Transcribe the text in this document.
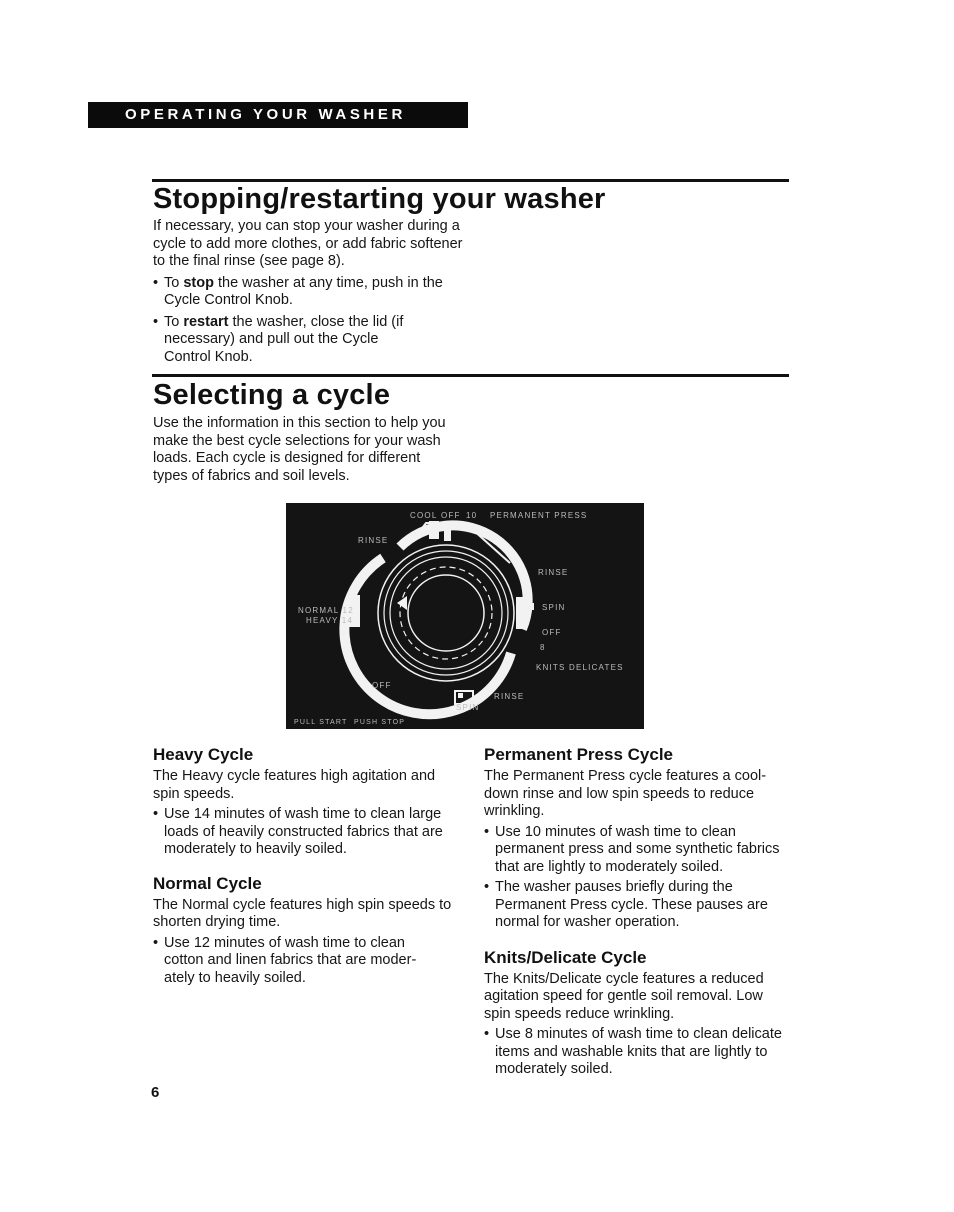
OPERATING YOUR WASHER
Stopping/restarting your washer

If necessary, you can stop your washer during a cycle to add more clothes, or add fabric softener to the final rinse (see page 8).

• To stop the washer at any time, push in the Cycle Control Knob.
• To restart the washer, close the lid (if necessary) and pull out the Cycle Control Knob.
Selecting a cycle
Use the information in this section to help you make the best cycle selections for your wash loads. Each cycle is designed for different types of fabrics and soil levels.
COOL OFF 10 PERMANENT PRESS
RINSE
RINSE
NORMAL 12
HEAVY 14
SPIN
OFF
8
KNITS DELICATES
OFF
RINSE
SPIN
PULL START PUSH STOP
Heavy Cycle
The Heavy cycle features high agitation and spin speeds.
• Use 14 minutes of wash time to clean large loads of heavily constructed fabrics that are moderately to heavily soiled.
Normal Cycle
The Normal cycle features high spin speeds to shorten drying time.
• Use 12 minutes of wash time to clean cotton and linen fabrics that are moder- ately to heavily soiled.
Permanent Press Cycle
The Permanent Press cycle features a cool- down rinse and low spin speeds to reduce wrinkling.
• Use 10 minutes of wash time to clean permanent press and some synthetic fabrics that are lightly to moderately soiled.
• The washer pauses briefly during the Permanent Press cycle. These pauses are normal for washer operation.
Knits/Delicate Cycle
The Knits/Delicate cycle features a reduced agitation speed for gentle soil removal. Low spin speeds reduce wrinkling.
• Use 8 minutes of wash time to clean delicate items and washable knits that are lightly to moderately soiled.
6
